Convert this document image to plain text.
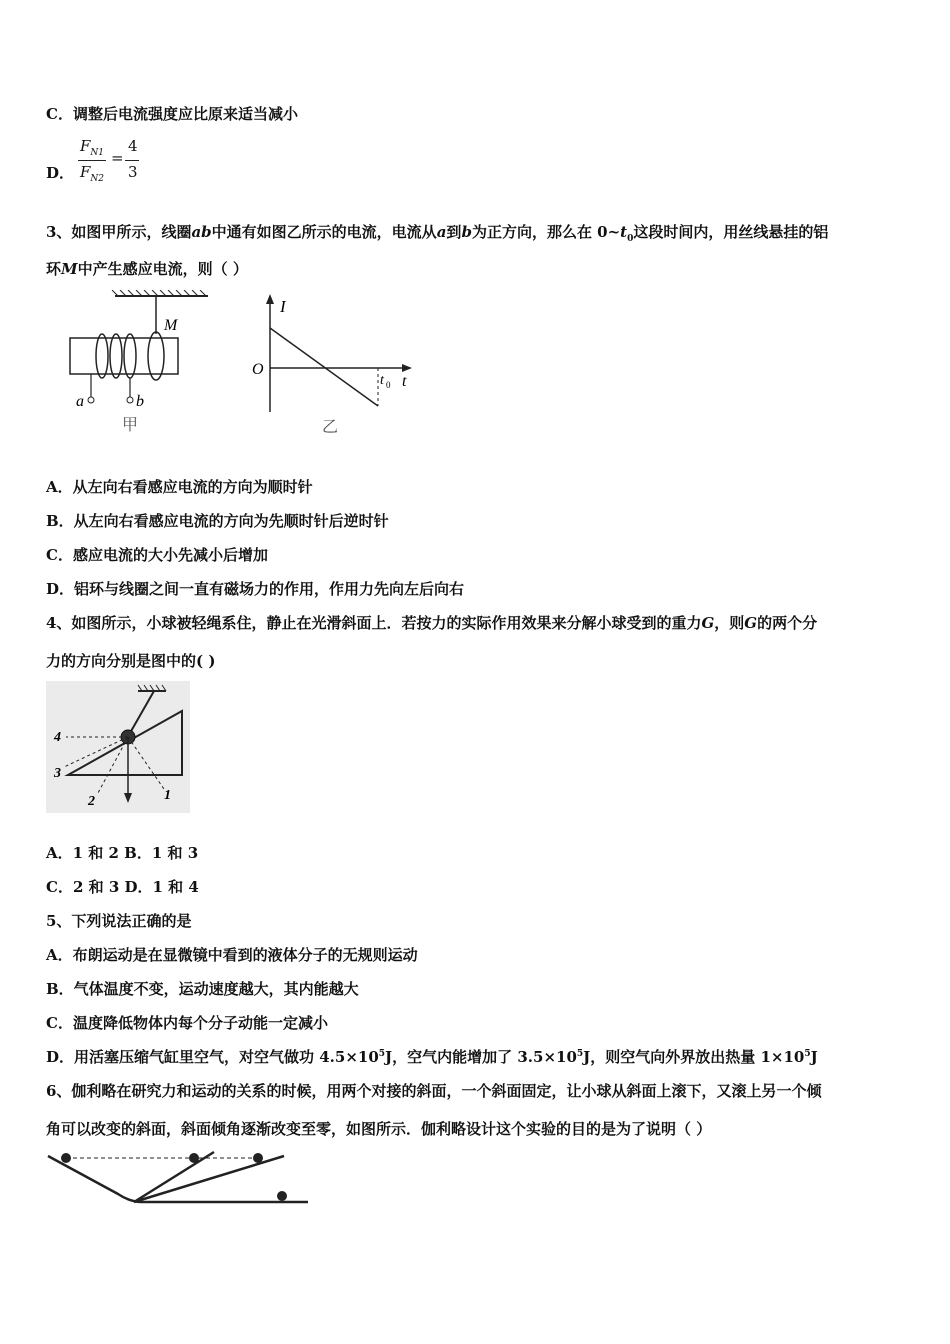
C．调整后电流强度应比原来适当减小
D．
$F_{N1}$
$F_{N2}$
=
4
3
3、如图甲所示，线圈ab中通有如图乙所示的电流，电流从a到b为正方向，那么在 $0\sim t_0$这段时间内，用丝线悬挂的铝
环M中产生感应电流，则（ ）
M
a	b
甲
I
O
t 0 t
乙
A．从左向右看感应电流的方向为顺时针
B．从左向右看感应电流的方向为先顺时针后逆时针
C．感应电流的大小先减小后增加
D．铝环与线圈之间一直有磁场力的作用，作用力先向左后向右
4、如图所示，小球被轻绳系住，静止在光滑斜面上．若按力的实际作用效果来分解小球受到的重力G，则G的两个分
力的方向分别是图中的( )
4
3
2	1
A．1 和 2 B．1 和 3
C．2 和 3 D．1 和 4
5、下列说法正确的是
A．布朗运动是在显微镜中看到的液体分子的无规则运动
B．气体温度不变，运动速度越大，其内能越大
C．温度降低物体内每个分子动能一定减小
D．用活塞压缩气缸里空气，对空气做功 $4.5\times 10^5J$，空气内能增加了 $3.5\times 10^5J$，则空气向外界放出热量 $1\times 10^5J$
6、伽利略在研究力和运动的关系的时候，用两个对接的斜面，一个斜面固定，让小球从斜面上滚下，又滚上另一个倾
角可以改变的斜面，斜面倾角逐渐改变至零，如图所示．伽利略设计这个实验的目的是为了说明（ ）
